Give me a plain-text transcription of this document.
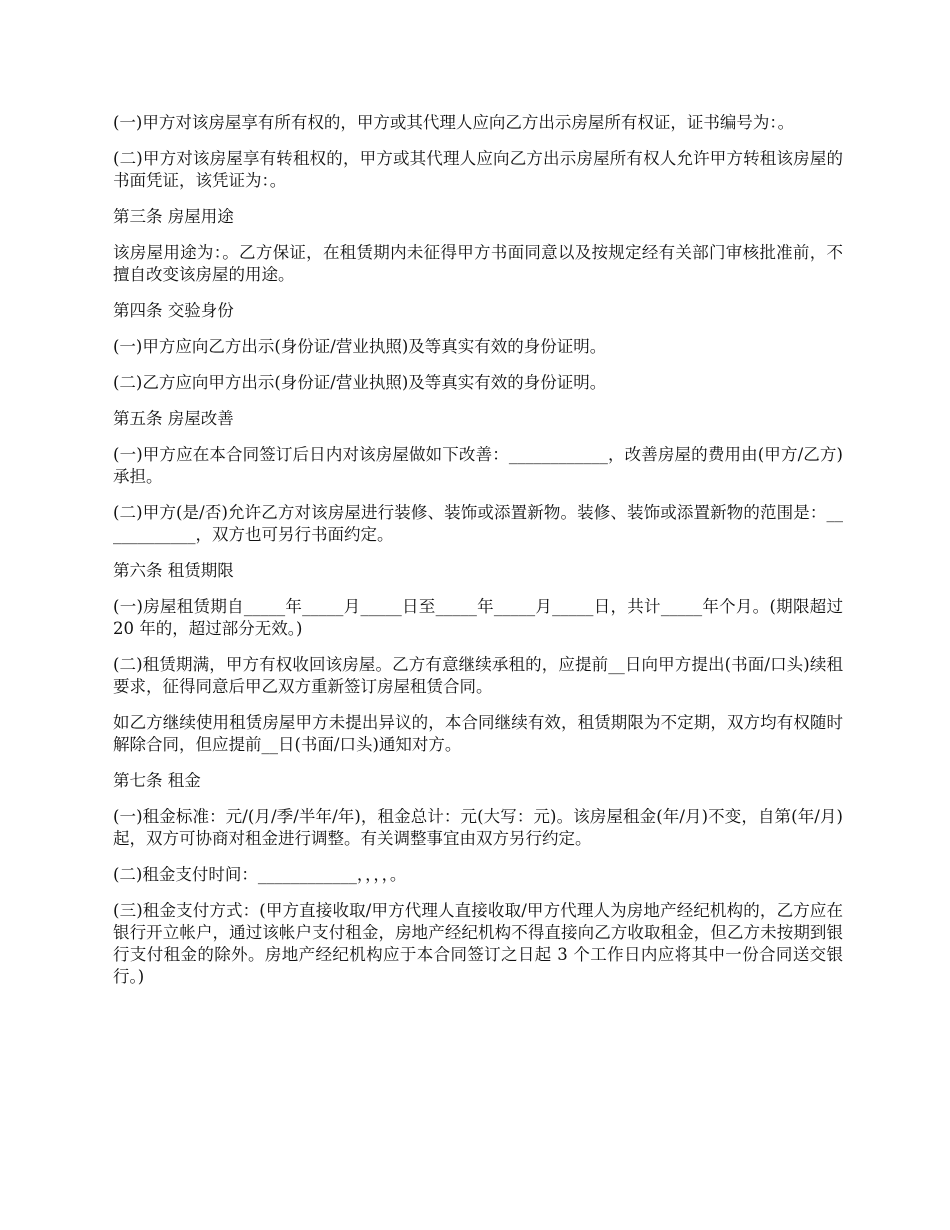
(一)甲方对该房屋享有所有权的，甲方或其代理人应向乙方出示房屋所有权证，证书编号为：。

(二)甲方对该房屋享有转租权的，甲方或其代理人应向乙方出示房屋所有权人允许甲方转租该房屋的书面凭证，该凭证为：。

第三条 房屋用途

该房屋用途为：。乙方保证，在租赁期内未征得甲方书面同意以及按规定经有关部门审核批准前，不擅自改变该房屋的用途。

第四条 交验身份

(一)甲方应向乙方出示(身份证/营业执照)及等真实有效的身份证明。

(二)乙方应向甲方出示(身份证/营业执照)及等真实有效的身份证明。

第五条 房屋改善

(一)甲方应在本合同签订后日内对该房屋做如下改善：____________，改善房屋的费用由(甲方/乙方)承担。

(二)甲方(是/否)允许乙方对该房屋进行装修、装饰或添置新物。装修、装饰或添置新物的范围是：____________，双方也可另行书面约定。

第六条 租赁期限

(一)房屋租赁期自_____年_____月_____日至_____年_____月_____日，共计_____年个月。(期限超过 20 年的，超过部分无效。)

(二)租赁期满，甲方有权收回该房屋。乙方有意继续承租的，应提前__日向甲方提出(书面/口头)续租要求，征得同意后甲乙双方重新签订房屋租赁合同。

如乙方继续使用租赁房屋甲方未提出异议的，本合同继续有效，租赁期限为不定期，双方均有权随时解除合同，但应提前__日(书面/口头)通知对方。

第七条 租金

(一)租金标准：元/(月/季/半年/年)，租金总计：元(大写：元)。该房屋租金(年/月)不变，自第(年/月)起，双方可协商对租金进行调整。有关调整事宜由双方另行约定。

(二)租金支付时间：____________，，，，。

(三)租金支付方式：(甲方直接收取/甲方代理人直接收取/甲方代理人为房地产经纪机构的，乙方应在银行开立帐户，通过该帐户支付租金，房地产经纪机构不得直接向乙方收取租金，但乙方未按期到银行支付租金的除外。房地产经纪机构应于本合同签订之日起 3 个工作日内应将其中一份合同送交银行。)
